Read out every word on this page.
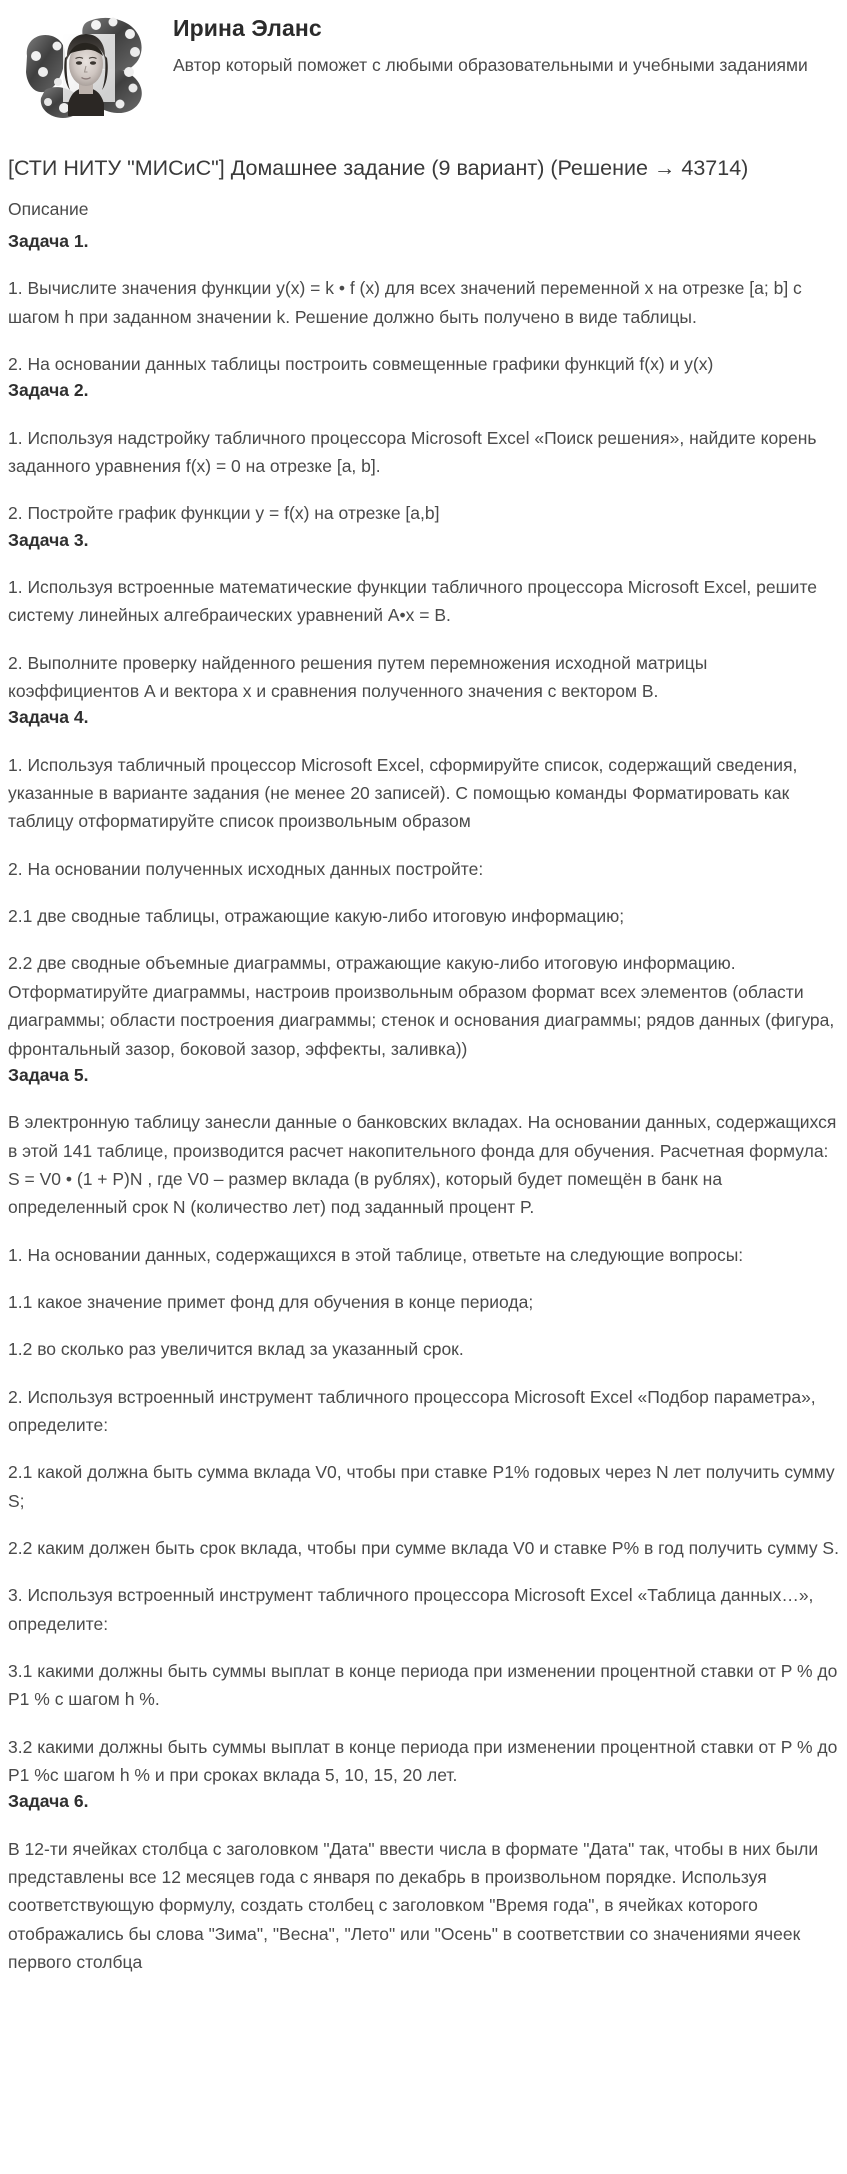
Ирина Эланс
Автор который поможет с любыми образовательными и учебными заданиями
[СТИ НИТУ "МИСиС"] Домашнее задание (9 вариант) (Решение → 43714)
Описание
Задача 1.

1. Вычислите значения функции y(x) = k • f (x) для всех значений переменной x на отрезке [a; b] с шагом h при заданном значении k. Решение должно быть получено в виде таблицы.

2. На основании данных таблицы построить совмещенные графики функций f(x) и y(x)

Задача 2.

1. Используя надстройку табличного процессора Microsoft Excel «Поиск решения», найдите корень заданного уравнения f(x) = 0 на отрезке [a, b].

2. Постройте график функции y = f(x) на отрезке [a,b]

Задача 3.

1. Используя встроенные математические функции табличного процессора Microsoft Excel, решите систему линейных алгебраических уравнений A•x = B.

2. Выполните проверку найденного решения путем перемножения исходной матрицы коэффициентов A и вектора x и сравнения полученного значения с вектором B.

Задача 4.

1. Используя табличный процессор Microsoft Excel, сформируйте список, содержащий сведения, указанные в варианте задания (не менее 20 записей). С помощью команды Форматировать как таблицу отформатируйте список произвольным образом

2. На основании полученных исходных данных постройте:

2.1 две сводные таблицы, отражающие какую-либо итоговую информацию;

2.2 две сводные объемные диаграммы, отражающие какую-либо итоговую информацию. Отформатируйте диаграммы, настроив произвольным образом формат всех элементов (области диаграммы; области построения диаграммы; стенок и основания диаграммы; рядов данных (фигура, фронтальный зазор, боковой зазор, эффекты, заливка))

Задача 5.

В электронную таблицу занесли данные о банковских вкладах. На основании данных, содержащихся в этой 141 таблице, производится расчет накопительного фонда для обучения. Расчетная формула: S = V0 • (1 + P)N , где V0 – размер вклада (в рублях), который будет помещён в банк на определенный срок N (количество лет) под заданный процент P.

1. На основании данных, содержащихся в этой таблице, ответьте на следующие вопросы:

1.1 какое значение примет фонд для обучения в конце периода;

1.2 во сколько раз увеличится вклад за указанный срок.

2. Используя встроенный инструмент табличного процессора Microsoft Excel «Подбор параметра», определите:

2.1 какой должна быть сумма вклада V0, чтобы при ставке P1% годовых через N лет получить сумму S;

2.2 каким должен быть срок вклада, чтобы при сумме вклада V0 и ставке P% в год получить сумму S.

3. Используя встроенный инструмент табличного процессора Microsoft Excel «Таблица данных…», определите:

3.1 какими должны быть суммы выплат в конце периода при изменении процентной ставки от P % до P1 % с шагом h %.

3.2 какими должны быть суммы выплат в конце периода при изменении процентной ставки от P % до P1 %c шагом h % и при сроках вклада 5, 10, 15, 20 лет.

Задача 6.

В 12-ти ячейках столбца с заголовком "Дата" ввести числа в формате "Дата" так, чтобы в них были представлены все 12 месяцев года с января по декабрь в произвольном порядке. Используя соответствующую формулу, создать столбец с заголовком "Время года", в ячейках которого отображались бы слова "Зима", "Весна", "Лето" или "Осень" в соответствии со значениями ячеек первого столбца
